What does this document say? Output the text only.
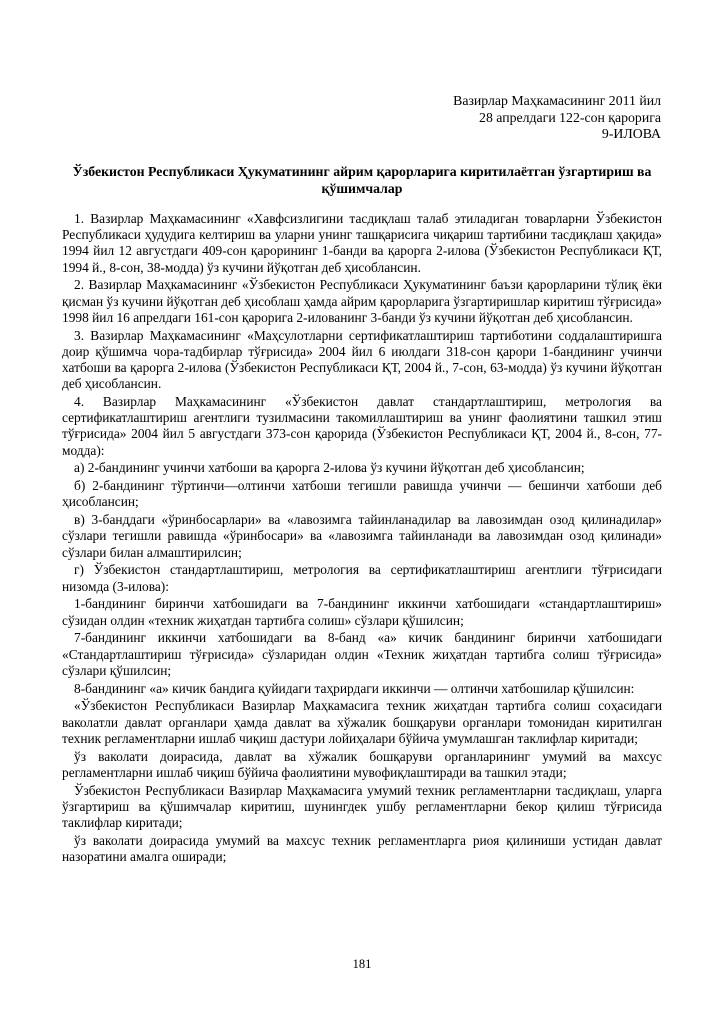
Вазирлар Маҳкамасининг 2011 йил
28 апрелдаги 122-сон қарорига
9-ИЛОВА
Ўзбекистон Республикаси Ҳукуматининг айрим қарорларига киритилаётган ўзгартириш ва қўшимчалар

1. Вазирлар Маҳкамасининг «Хавфсизлигини тасдиқлаш талаб этиладиган товарларни Ўзбекистон Республикаси ҳудудига келтириш ва уларни унинг ташқарисига чиқариш тартибини тасдиқлаш ҳақида» 1994 йил 12 августдаги 409-сон қарорининг 1-банди ва қарорга 2-илова (Ўзбекистон Республикаси ҚТ, 1994 й., 8-сон, 38-модда) ўз кучини йўқотган деб ҳисоблансин.

2. Вазирлар Маҳкамасининг «Ўзбекистон Республикаси Ҳукуматининг баъзи қарорларини тўлиқ ёки қисман ўз кучини йўқотган деб ҳисоблаш ҳамда айрим қарорларига ўзгартиришлар киритиш тўғрисида» 1998 йил 16 апрелдаги 161-сон қарорига 2-илованинг 3-банди ўз кучини йўқотган деб ҳисоблансин.

3. Вазирлар Маҳкамасининг «Маҳсулотларни сертификатлаштириш тартиботини соддалаштиришга доир қўшимча чора-тадбирлар тўғрисида» 2004 йил 6 июлдаги 318-сон қарори 1-бандининг учинчи хатбоши ва қарорга 2-илова (Ўзбекистон Республикаси ҚТ, 2004 й., 7-сон, 63-модда) ўз кучини йўқотган деб ҳисоблансин.

4. Вазирлар Маҳкамасининг «Ўзбекистон давлат стандартлаштириш, метрология ва сертификатлаштириш агентлиги тузилмасини такомиллаштириш ва унинг фаолиятини ташкил этиш тўғрисида» 2004 йил 5 августдаги 373-сон қарорида (Ўзбекистон Республикаси ҚТ, 2004 й., 8-сон, 77-модда):

а) 2-бандининг учинчи хатбоши ва қарорга 2-илова ўз кучини йўқотган деб ҳисоблансин;

б) 2-бандининг тўртинчи—олтинчи хатбоши тегишли равишда учинчи — бешинчи хатбоши деб ҳисоблансин;

в) 3-банддаги «ўринбосарлари» ва «лавозимга тайинланадилар ва лавозимдан озод қилинадилар» сўзлари тегишли равишда «ўринбосари» ва «лавозимга тайинланади ва лавозимдан озод қилинади» сўзлари билан алмаштирилсин;

г) Ўзбекистон стандартлаштириш, метрология ва сертификатлаштириш агентлиги тўғрисидаги низомда (3-илова):

1-бандининг биринчи хатбошидаги ва 7-бандининг иккинчи хатбошидаги «стандартлаштириш» сўзидан олдин «техник жиҳатдан тартибга солиш» сўзлари қўшилсин;

7-бандининг иккинчи хатбошидаги ва 8-банд «а» кичик бандининг биринчи хатбошидаги «Стандартлаштириш тўғрисида» сўзларидан олдин «Техник жиҳатдан тартибга солиш тўғрисида» сўзлари қўшилсин;

8-бандининг «а» кичик бандига қуйидаги таҳрирдаги иккинчи — олтинчи хатбошилар қўшилсин:

«Ўзбекистон Республикаси Вазирлар Маҳкамасига техник жиҳатдан тартибга солиш соҳасидаги ваколатли давлат органлари ҳамда давлат ва хўжалик бошқаруви органлари томонидан киритилган техник регламентларни ишлаб чиқиш дастури лойиҳалари бўйича умумлашган таклифлар киритади;

ўз ваколати доирасида, давлат ва хўжалик бошқаруви органларининг умумий ва махсус регламентларни ишлаб чиқиш бўйича фаолиятини мувофиқлаштиради ва ташкил этади;

Ўзбекистон Республикаси Вазирлар Маҳкамасига умумий техник регламентларни тасдиқлаш, уларга ўзгартириш ва қўшимчалар киритиш, шунингдек ушбу регламентларни бекор қилиш тўғрисида таклифлар киритади;

ўз ваколати доирасида умумий ва махсус техник регламентларга риоя қилиниши устидан давлат назоратини амалга оширади;

181
